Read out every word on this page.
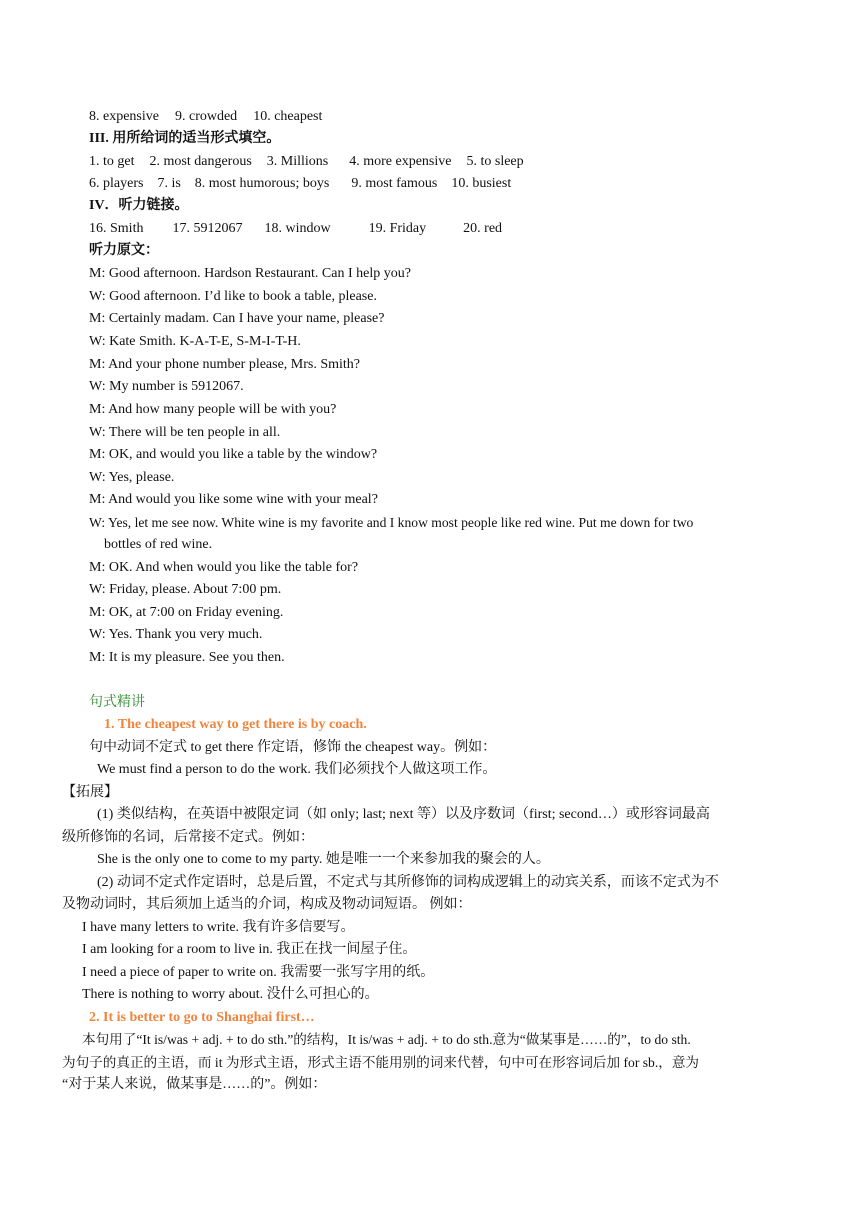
8. expensive 9. crowded 10. cheapest
III. 用所给词的适当形式填空。
1. to get 2. most dangerous 3. Millions 4. more expensive 5. to sleep
6. players 7. is 8. most humorous; boys 9. most famous 10. busiest
IV．听力链接。
16. Smith 17. 5912067 18. window	19. Friday	20. red
听力原文：
M: Good afternoon. Hardson Restaurant. Can I help you?
W: Good afternoon. I’d like to book a table, please.
M: Certainly madam. Can I have your name, please?
W: Kate Smith. K-A-T-E, S-M-I-T-H.
M: And your phone number please, Mrs. Smith?
W: My number is 5912067.
M: And how many people will be with you?
W: There will be ten people in all.
M: OK, and would you like a table by the window?
W: Yes, please.
M: And would you like some wine with your meal?
W: Yes, let me see now. White wine is my favorite and I know most people like red wine. Put me down for two
bottles of red wine.
M: OK. And when would you like the table for?
W: Friday, please. About 7:00 pm.
M: OK, at 7:00 on Friday evening.
W: Yes. Thank you very much.
M: It is my pleasure. See you then.
句式精讲
1. The cheapest way to get there is by coach.
句中动词不定式 to get there 作定语，修饰 the cheapest way。例如：
We must find a person to do the work. 我们必须找个人做这项工作。
【拓展】
(1) 类似结构，在英语中被限定词（如 only; last; next 等）以及序数词（first; second…）或形容词最高
级所修饰的名词，后常接不定式。例如：
She is the only one to come to my party. 她是唯一一个来参加我的聚会的人。
(2) 动词不定式作定语时，总是后置，不定式与其所修饰的词构成逻辑上的动宾关系，而该不定式为不
及物动词时，其后须加上适当的介词，构成及物动词短语。 例如：
I have many letters to write. 我有许多信要写。
I am looking for a room to live in. 我正在找一间屋子住。
I need a piece of paper to write on. 我需要一张写字用的纸。
There is nothing to worry about. 没什么可担心的。
2. It is better to go to Shanghai first…
本句用了“It is/was + adj. + to do sth.”的结构，It is/was + adj. + to do sth.意为“做某事是……的”，to do sth.
为句子的真正的主语，而 it 为形式主语，形式主语不能用别的词来代替，句中可在形容词后加 for sb.，意为
“对于某人来说，做某事是……的”。例如：
